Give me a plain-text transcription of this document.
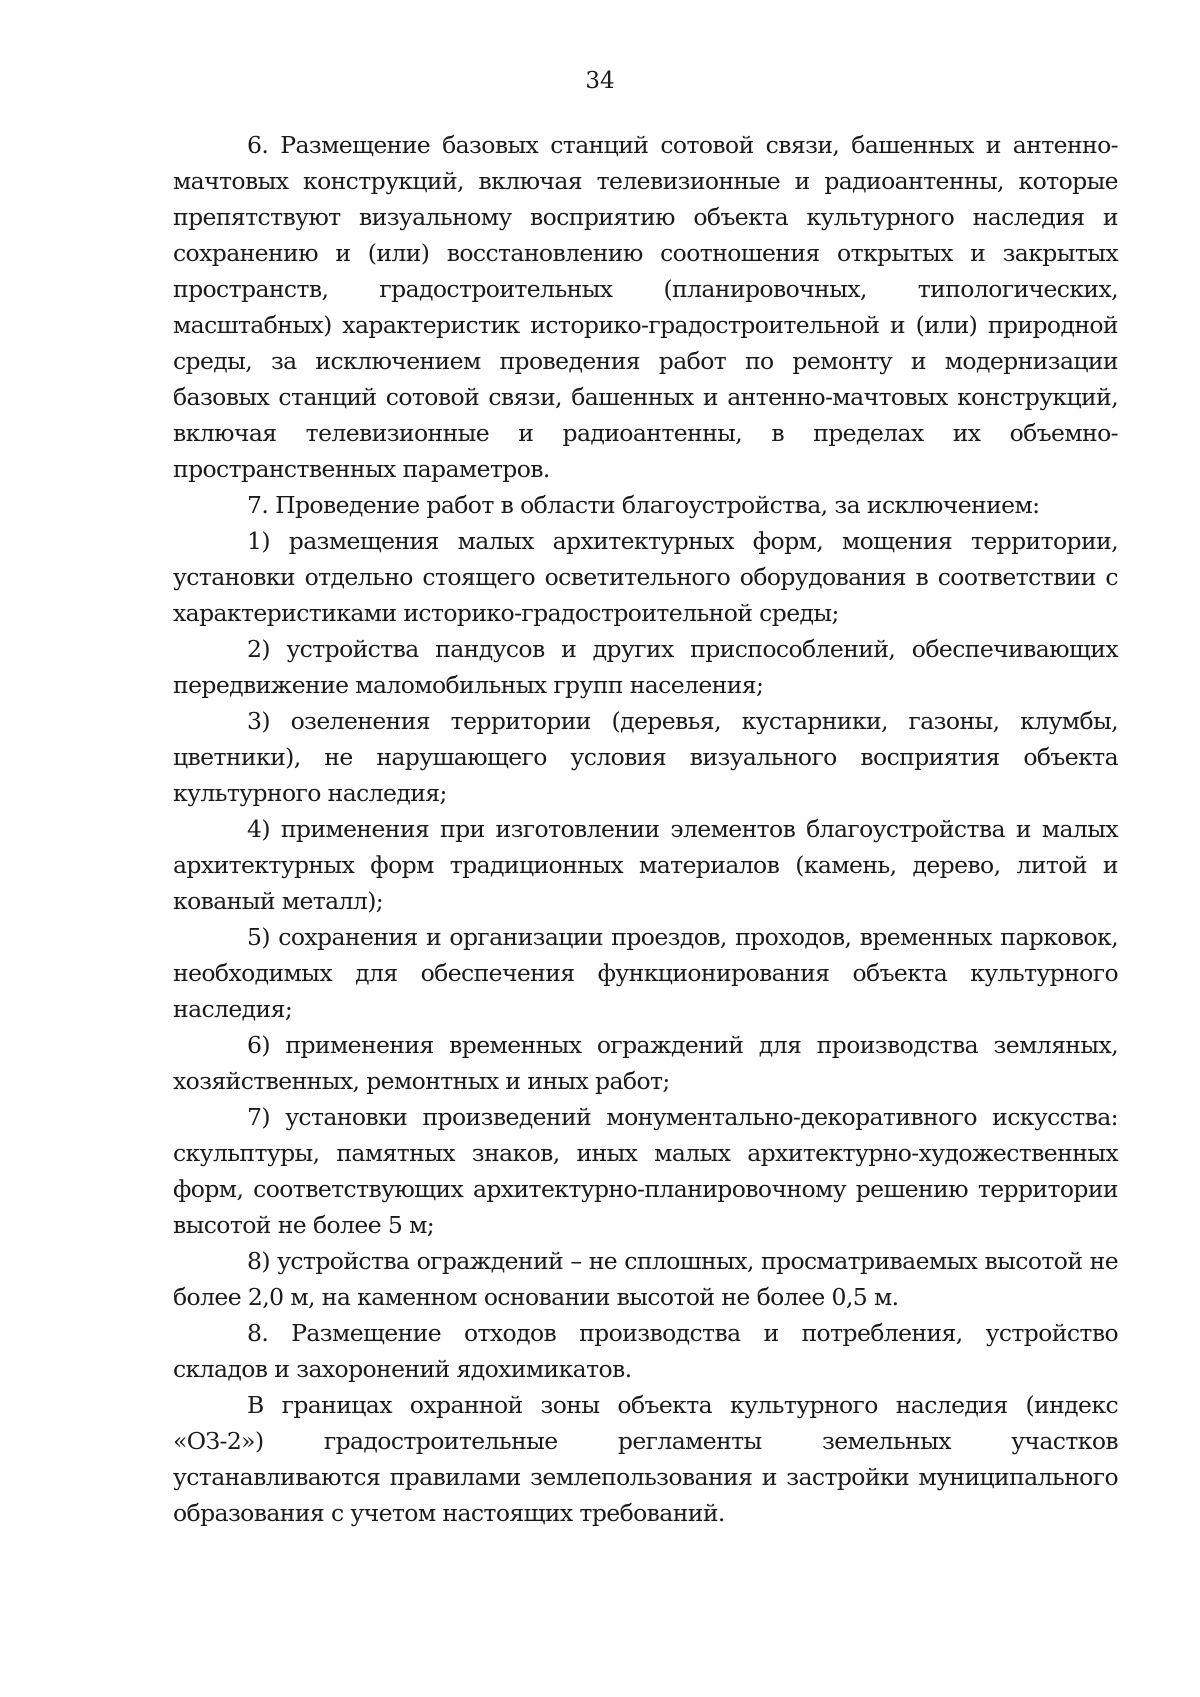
34

6. Размещение базовых станций сотовой связи, башенных и антенно-мачтовых конструкций, включая телевизионные и радиоантенны, которые препятствуют визуальному восприятию объекта культурного наследия и сохранению и (или) восстановлению соотношения открытых и закрытых пространств, градостроительных (планировочных, типологических, масштабных) характеристик историко-градостроительной и (или) природной среды, за исключением проведения работ по ремонту и модернизации базовых станций сотовой связи, башенных и антенно-мачтовых конструкций, включая телевизионные и радиоантенны, в пределах их объемно-пространственных параметров.

7. Проведение работ в области благоустройства, за исключением:

1) размещения малых архитектурных форм, мощения территории, установки отдельно стоящего осветительного оборудования в соответствии с характеристиками историко-градостроительной среды;

2) устройства пандусов и других приспособлений, обеспечивающих передвижение маломобильных групп населения;

3) озеленения территории (деревья, кустарники, газоны, клумбы, цветники), не нарушающего условия визуального восприятия объекта культурного наследия;

4) применения при изготовлении элементов благоустройства и малых архитектурных форм традиционных материалов (камень, дерево, литой и кованый металл);

5) сохранения и организации проездов, проходов, временных парковок, необходимых для обеспечения функционирования объекта культурного наследия;

6) применения временных ограждений для производства земляных, хозяйственных, ремонтных и иных работ;

7) установки произведений монументально-декоративного искусства: скульптуры, памятных знаков, иных малых архитектурно-художественных форм, соответствующих архитектурно-планировочному решению территории высотой не более 5 м;

8) устройства ограждений – не сплошных, просматриваемых высотой не более 2,0 м, на каменном основании высотой не более 0,5 м.

8. Размещение отходов производства и потребления, устройство складов и захоронений ядохимикатов.

В границах охранной зоны объекта культурного наследия (индекс «ОЗ-2») градостроительные регламенты земельных участков устанавливаются правилами землепользования и застройки муниципального образования с учетом настоящих требований.
